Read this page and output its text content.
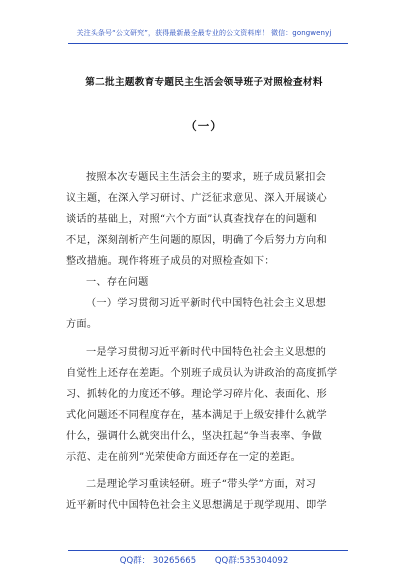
关注头条号“公文研究”，获得最新最全最专业的公文资料库！ 微信：gongwenyj
第二批主题教育专题民主生活会领导班子对照检查材料
（一）
按照本次专题民主生活会主的要求，班子成员紧扣会
议主题，在深入学习研讨、广泛征求意见、深入开展谈心
谈话的基础上，对照“六个方面”认真查找存在的问题和
不足，深刻剖析产生问题的原因，明确了今后努力方向和
整改措施。现作将班子成员的对照检查如下：
一、存在问题
（一）学习贯彻习近平新时代中国特色社会主义思想
方面。
一是学习贯彻习近平新时代中国特色社会主义思想的
自觉性上还存在差距。个别班子成员认为讲政治的高度抓学
习、抓转化的力度还不够。理论学习碎片化、表面化、形
式化问题还不同程度存在，基本满足于上级安排什么就学
什么，强调什么就突出什么，坚决扛起“争当表率、争做
示范、走在前列”光荣使命方面还存在一定的差距。
二是理论学习重读轻研。班子“带头学”方面，对习
近平新时代中国特色社会主义思想满足于现学现用、即学
QQ群： 30265665 QQ群:535304092
